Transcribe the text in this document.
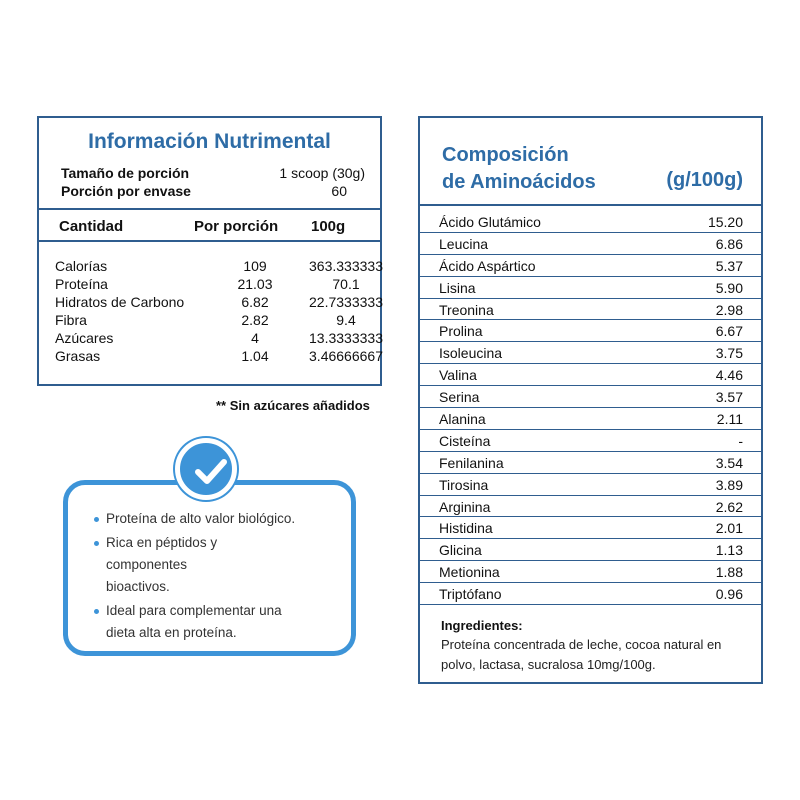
Información Nutrimental
Tamaño de porción	1 scoop (30g)
Porción por envase	60
Cantidad	Por porción 100g
Calorías	109	363.333333
Proteína	21.03	70.1
Hidratos de Carbono	6.82	22.7333333
Fibra	2.82	9.4
Azúcares	4	13.3333333
Grasas	1.04	3.46666667
** Sin azúcares añadidos
Proteína de alto valor biológico.
Rica en péptidos y componentes bioactivos.
Ideal para complementar una dieta alta en proteína.
Composición
de Aminoácidos	(g/100g)
Ácido Glutámico	15.20
Leucina	6.86
Ácido Aspártico	5.37
Lisina	5.90
Treonina	2.98
Prolina	6.67
Isoleucina	3.75
Valina	4.46
Serina	3.57
Alanina	2.11
Cisteína	-
Fenilanina	3.54
Tirosina	3.89
Arginina	2.62
Histidina	2.01
Glicina	1.13
Metionina	1.88
Triptófano	0.96
Ingredientes:
Proteína concentrada de leche, cocoa natural en polvo, lactasa, sucralosa 10mg/100g.
